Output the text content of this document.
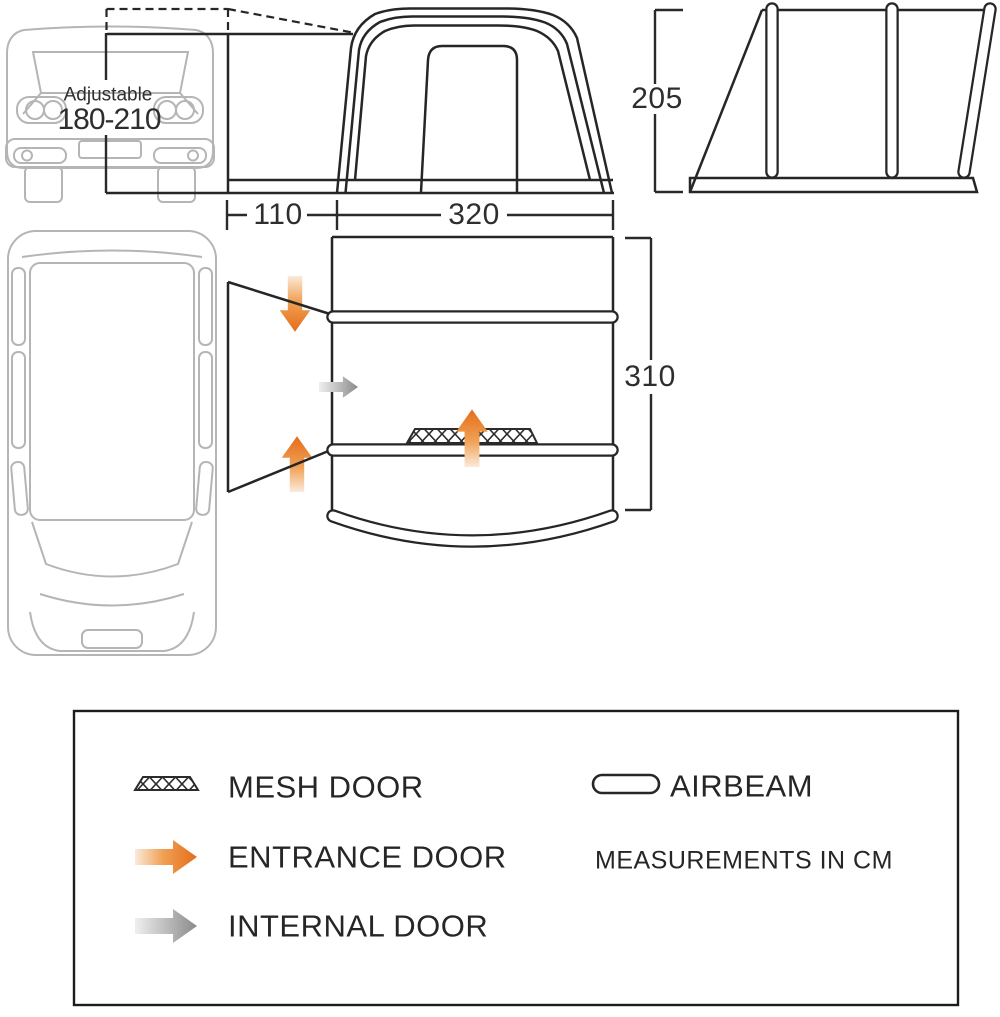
Adjustable
180-210
110	320
205
310
MESH DOOR	AIRBEAM
ENTRANCE DOOR	MEASUREMENTS IN CM
INTERNAL DOOR
